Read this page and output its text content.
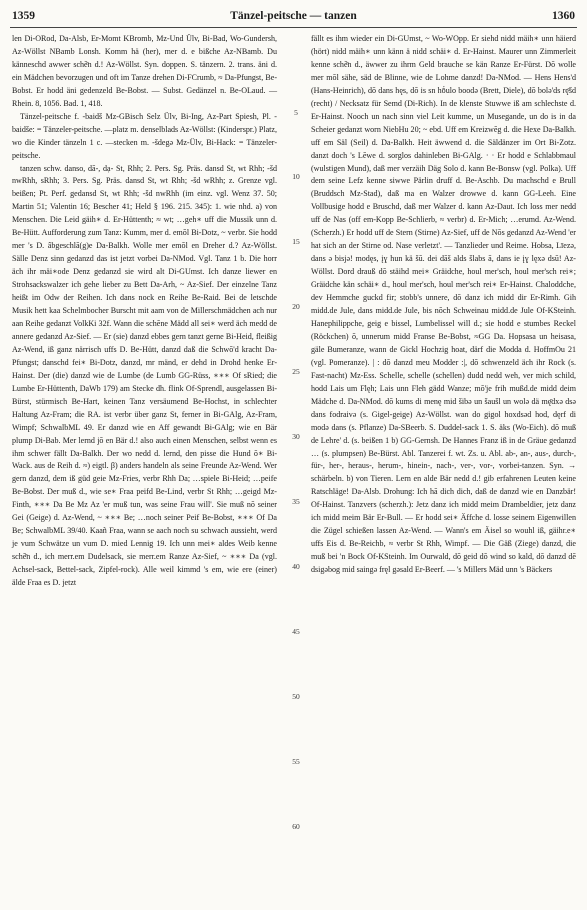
1359	Tänzel-peitsche — tanzen	1360

len Di-ORod, Da-Alsb, Er-Momt KBromb, Mz-Und Ülv, Bi-Bad, Wo-Gundersh, Az-Wöllst NBamb Lonsh. Komm hä (her), mer d. e bißche Az-NBamb. Du känneschd awwer schē̄n d.! Az-Wöllst. Syn. doppen. S. tänzern. 2. trans. äni d. ein Mädchen bevorzugen und oft im Tanze drehen Di-FCrumb, ≈ Da-Pfungst, Be-Bobst. Er hodd äni gedenzeld Be-Bobst. — Subst. Gedänzel n. Be-OLaud. — Rhein. 8, 1056. Bad. 1, 418.

Tänzel-peitsche f. -baidš Mz-GBisch Selz Ülv, Bi-Ing, Az-Part Spiesh, Pl. -baidše: = Tänzeler-peitsche. —platz m. denselblads Az-Wöllst: (Kinderspr.) Platz, wo die Kinder tänzeln 1 c. —stecken m. -šdegə Mz-Ülv, Bi-Hack: = Tänzeler-peitsche.

tanzen schw. danso, dā-, dạ- St, Rhh; 2. Pers. Sg. Präs. dansd St, wt Rhh; -šd nwRhh, sRhh; 3. Pers. Sg. Präs. dansd St, wt Rhh; -šd wRhh; z. Grenze vgl. beißen; Pt. Perf. gedansd St, wt Rhh; -šd nwRhh (im einz. vgl. Wenz 37. 50; Martin 51; Valentin 16; Bescher 41; Held § 196. 215. 345): 1. wie nhd. a) von Menschen. Die Leid gäih∗ d. Er-Hüttenth; ≈ wt; …geh∗ uff die Mussik unn d. Be-Hütt. Aufforderung zum Tanz: Kumm, mer d. emōl Bi-Dotz, ~ verbr. Sie hodd mer 's D. âbgeschlā(g)e Da-Balkh. Wolle mer emōl en Dreher d.? Az-Wöllst. Sälle Denz sinn gedanzd das ist jetzt vorbei Da-NMod. Vgl. Tanz 1 b. Die horr äch ihr mäi∗ode Denz gedanzd sie wird alt Di-GUmst. Ich danze liewer en Strohsackswalzer ich gehe lieber zu Bett Da-Arh, ~ Az-Sief. Der einzelne Tanz heißt im Odw der Reihen. Ich dans nock en Reihe Be-Raid. Bei de letschde Musik hett kaa Schelmbocher Burscht mit aam von de Millerschmädchen ach nur aan Reihe gedanzt VolkKi 32f. Wann die schēne Mädd all sei∗ werd äch medd de annere gedanzd Az-Sief. — Er (sie) danzd ebbes gern tanzt gerne Bi-Heid, fleißig Az-Wend, iß ganz närrisch uffs D. Be-Hütt, danzd daß die Schwō'd kracht Da-Pfungst; danschd fei∗ Bi-Dotz, danzd, mr mänd, er dehd in Drohd henke Er-Hainst. Der (die) danzd wie de Lumbe (de Lumb GG-Rüss, ∗∗∗ Of sRied; die Lumbe Er-Hüttenth, DaWb 179) am Stecke dh. flink Of-Sprendl, ausgelassen Bi-Bürst, stürmisch Be-Hart, keinen Tanz versäumend Be-Hochst, in schlechter Haltung Az-Fram; die RA. ist verbr über ganz St, ferner in Bi-GAlg, Az-Fram, Wimpf; SchwalbML 49. Er danzd wie en Aff gewandt Bi-GAlg; wie en Bär plump Di-Bab. Mer lernd jō en Bär d.! also auch einen Menschen, selbst wenn es ihm schwer fällt Da-Balkh. Der wo nedd d. lernd, den pisse die Hund ō∗ Bi-Wack. aus de Reih d. ≈) eigtl. β) anders handeln als seine Freunde Az-Wend. Wer gern danzd, dem iß güd geie Mz-Fries, verbr Rhh Da; …spiele Bi-Heid; …peife Be-Bobst. Der muß d., wie se∗ Fraa peifd Be-Lind, verbr St Rhh; …geigd Mz-Finth, ∗∗∗ Da Be Mz Az 'er muß tun, was seine Frau will'. Sie muß nō seiner Gei (Geige) d. Az-Wend, ~ ∗∗∗ Be; …noch seiner Peif Be-Bobst, ∗∗∗ Of Da Be; SchwalbML 39/40. Kaañ Fraa, wann se aach noch su schwach aussieht, werd je vum Schwätze un vum D. mied Lennig 19. Ich unn mei∗ aldes Weib kenne schē̄n d., ich merr.em Dudelsack, sie merr.em Ranze Az-Sief, ~ ∗∗∗ Da (vgl. Achsel-sack, Bettel-sack, Zipfel-rock). Alle weil kimmd 's em, wie ere (einer) älde Fraa es D. jetzt

5
10
15
20
25
30
35
40
45
50
55
60

fällt es ihm wieder ein Di-GUmst, ~ Wo-WOpp. Er siehd nidd mäih∗ unn häierd (hört) nidd mäih∗ unn känn ä nidd schäi∗ d. Er-Hainst. Maurer unn Zimmerleit kenne schē̄n d., äwwer zu ihrm Geld brauche se kän Ranze Er-Fürst. Dō wolle mer mōl sähe, säd de Blinne, wie de Lohme danzd! Da-NMod. — Hens Hens'd (Hans-Heinrich), dō dans hęs, dō is sn hṓulo boodə (Brett, Diele), dō bolə'ds rę̄šd (recht) / Necksatz für Semd (Di-Rich). In de klenste Stuwwe iß am schlechste d. Er-Hainst. Nooch un nach sinn viel Leit kumme, un Musegande, un do is in da Scheier gedanzt worn NiebHu 20; ~ ebd. Uff em Kreizwēg d. die Hexe Da-Balkh. uff em Säl (Seil) d. Da-Balkh. Heit äwwend d. die Säldänzer im Ort Bi-Zotz. danzt doch 's Lēwe d. sorglos dahinleben Bi-GAlg. · · Er hodd e Schlabbmaul (wulstigen Mund), daß mer verzäih Däg Solo d. kann Be-Bonsw (vgl. Polka). Uff dem seine Lefz kenne siwwe Pärlin druff d. Be-Aschb. Du machschd e Brull (Bruddsch Mz-Stad), daß ma en Walzer drowwe d. kann GG-Leeh. Eine Vollbusige hodd e Bruschd, daß mer Walzer d. kann Az-Daut. Ich loss mer nedd uff de Nas (off em-Kopp Be-Schlierb, ≈ verbr) d. Er-Mich; …erumd. Az-Wend. (Scherzh.) Er hodd uff de Stern (Stirne) Az-Sief, uff de Nōs gedanzd Az-Wend 'er hat sich an der Stirne od. Nase verletzt'. — Tanzlieder und Reime. Hobsa, Līezə, dans ə bisjə! modęs, įɣ hun kä šū. dei dāš alds šlabs ā, dans ie įɣ lęxə dsū! Az-Wöllst. Dord drauß dō stäihd mei∗ Gräidche, houl mer'sch, houl mer'sch rei∗; Gräidche kän schäi∗ d., houl mer'sch, houl mer'sch rei∗ Er-Hainst. Chaloddche, dev Hemmche guckd fir; stobb's unnere, dō danz ich midd dir Er-Rimh. Gih midd.de Jule, dans midd.de Jule, bis nōch Schweinau midd.de Jule Of-KSteinh. Hanephilippche, geig e bissel, Lumbelissel will d.; sie hodd e stumbes Reckel (Röckchen) ō, unnerum midd Franse Be-Bobst, ≈GG Da. Hopsasa un heisasa, gäle Bumeranze, wann de Gickl Hochzig hoat, därf die Modda d. HoffmOu 21 (vgl. Pomeranze). | : dō danzd meu Modder :|, dō schwenzeld äch ihr Rock (s. Fast-nacht) Mz-Ess. Schelle, schelle (schellen) dudd nedd weh, ver mich schild, hodd Lais um Flęh; Lais unn Fleh gädd Wanze; mō'je frih mußd.de midd deim Mädche d. Da-NMod. dō kums di menę mid šibə un šaušl un wolə dä mę̄dxə dsə dans fodraivə (s. Gigel-geige) Az-Wöllst. wan do gigol hoxdsəd hod, dęrf di modə dans (s. Pflanze) Da-SBeerb. S. Duddel-sack 1. S. äks (Wo-Eich). dō muß de Lehre' d. (s. beißen 1 b) GG-Gernsh. De Hannes Franz iß in de Gräue gedanzd … (s. plumpsen) Be-Bürst. Abl. Tanzerei f. wt. Zs. u. Abl. ab-, an-, aus-, durch-, für-, her-, heraus-, herum-, hinein-, nach-, ver-, vor-, vorbei-tanzen. Syn. → schärbeln. b) von Tieren. Lern en alde Bär nedd d.! gib erfahrenen Leuten keine Ratschläge! Da-Alsb. Drohung: Ich hā dich dich, daß de danzd wie en Danzbär! Of-Hainst. Tanzvers (scherzh.): Jetz danz ich midd meim Drambeldier, jetz danz ich midd meim Bär Er-Bull. — Er hodd sei∗ Äffche d. losse seinem Eigenwillen die Zügel schießen lassen Az-Wend. — Wann's em Äisel so wouhl iß, gäihr.e∗ uffs Eis d. Be-Reichb, ≈ verbr St Rhh, Wimpf. — Die Gäß (Ziege) danzd, die muß bei 'n Bock Of-KSteinh. Im Ourwald, dō geid dō wind so kald, dō danzd dē dsigəbog mid saingə fręl gəsald Er-Beerf. — 's Millers Mäd unn 's Bäckers
